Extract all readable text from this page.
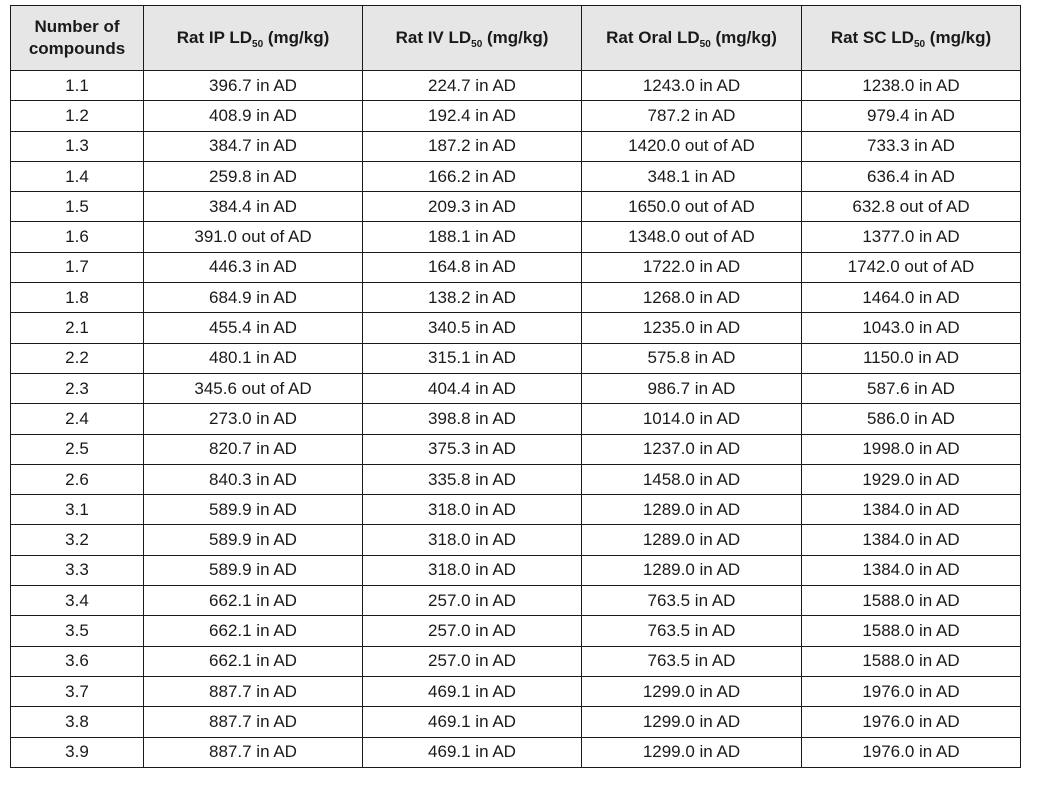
Number of compounds	Rat IP $LD_{50}$ (mg/kg)	Rat IV $LD_{50}$ (mg/kg)	Rat Oral $LD_{50}$ (mg/kg)	Rat SC $LD_{50}$ (mg/kg)
1.1	396.7 in AD	224.7 in AD	1243.0 in AD	1238.0 in AD
1.2	408.9 in AD	192.4 in AD	787.2 in AD	979.4 in AD
1.3	384.7 in AD	187.2 in AD	1420.0 out of AD	733.3 in AD
1.4	259.8 in AD	166.2 in AD	348.1 in AD	636.4 in AD
1.5	384.4 in AD	209.3 in AD	1650.0 out of AD	632.8 out of AD
1.6	391.0 out of AD	188.1 in AD	1348.0 out of AD	1377.0 in AD
1.7	446.3 in AD	164.8 in AD	1722.0 in AD	1742.0 out of AD
1.8	684.9 in AD	138.2 in AD	1268.0 in AD	1464.0 in AD
2.1	455.4 in AD	340.5 in AD	1235.0 in AD	1043.0 in AD
2.2	480.1 in AD	315.1 in AD	575.8 in AD	1150.0 in AD
2.3	345.6 out of AD	404.4 in AD	986.7 in AD	587.6 in AD
2.4	273.0 in AD	398.8 in AD	1014.0 in AD	586.0 in AD
2.5	820.7 in AD	375.3 in AD	1237.0 in AD	1998.0 in AD
2.6	840.3 in AD	335.8 in AD	1458.0 in AD	1929.0 in AD
3.1	589.9 in AD	318.0 in AD	1289.0 in AD	1384.0 in AD
3.2	589.9 in AD	318.0 in AD	1289.0 in AD	1384.0 in AD
3.3	589.9 in AD	318.0 in AD	1289.0 in AD	1384.0 in AD
3.4	662.1 in AD	257.0 in AD	763.5 in AD	1588.0 in AD
3.5	662.1 in AD	257.0 in AD	763.5 in AD	1588.0 in AD
3.6	662.1 in AD	257.0 in AD	763.5 in AD	1588.0 in AD
3.7	887.7 in AD	469.1 in AD	1299.0 in AD	1976.0 in AD
3.8	887.7 in AD	469.1 in AD	1299.0 in AD	1976.0 in AD
3.9	887.7 in AD	469.1 in AD	1299.0 in AD	1976.0 in AD
